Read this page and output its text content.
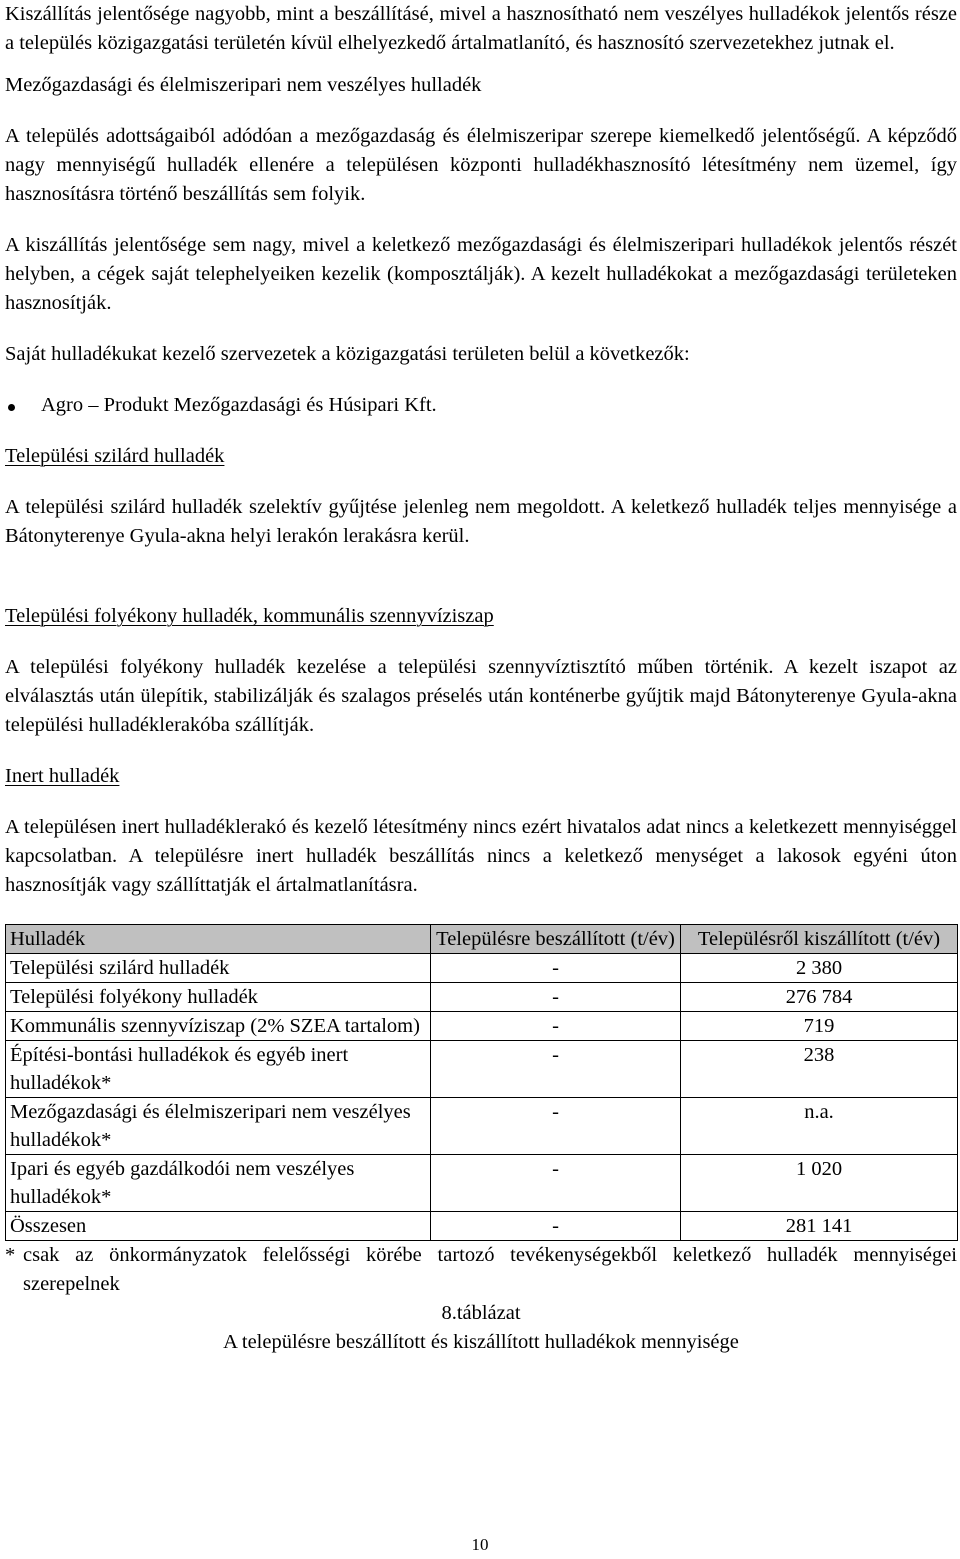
Kiszállítás jelentősége nagyobb, mint a beszállításé, mivel a hasznosítható nem veszélyes hulladékok jelentős része a település közigazgatási területén kívül elhelyezkedő ártalmatlanító, és hasznosító szervezetekhez jutnak el.

Mezőgazdasági és élelmiszeripari nem veszélyes hulladék

A település adottságaiból adódóan a mezőgazdaság és élelmiszeripar szerepe kiemelkedő jelentőségű. A képződő nagy mennyiségű hulladék ellenére a településen központi hulladékhasznosító létesítmény nem üzemel, így hasznosításra történő beszállítás sem folyik.

A kiszállítás jelentősége sem nagy, mivel a keletkező mezőgazdasági és élelmiszeripari hulladékok jelentős részét helyben, a cégek saját telephelyeiken kezelik (komposztálják). A kezelt hulladékokat a mezőgazdasági területeken hasznosítják.

Saját hulladékukat kezelő szervezetek a közigazgatási területen belül a következők:

Agro – Produkt Mezőgazdasági és Húsipari Kft.
Települési szilárd hulladék

A települési szilárd hulladék szelektív gyűjtése jelenleg nem megoldott. A keletkező hulladék teljes mennyisége a Bátonyterenye Gyula-akna helyi lerakón lerakásra kerül.

Települési folyékony hulladék, kommunális szennyvíziszap

A települési folyékony hulladék kezelése a települési szennyvíztisztító műben történik. A kezelt iszapot az elválasztás után ülepítik, stabilizálják és szalagos préselés után konténerbe gyűjtik majd Bátonyterenye Gyula-akna települési hulladéklerakóba szállítják.

Inert hulladék

A településen inert hulladéklerakó és kezelő létesítmény nincs ezért hivatalos adat nincs a keletkezett mennyiséggel kapcsolatban. A településre inert hulladék beszállítás nincs a keletkező menységet a lakosok egyéni úton hasznosítják vagy szállíttatják el ártalmatlanításra.

Hulladék	Településre beszállított (t/év)	Településről kiszállított (t/év)
Települési szilárd hulladék	-	2 380
Települési folyékony hulladék	-	276 784
Kommunális szennyvíziszap (2% SZEA tartalom)	-	719
Építési-bontási hulladékok és egyéb inert hulladékok*	-	238
Mezőgazdasági és élelmiszeripari nem veszélyes hulladékok*	-	n.a.
Ipari és egyéb gazdálkodói nem veszélyes hulladékok*	-	1 020
Összesen	-	281 141
* csak az önkormányzatok felelősségi körébe tartozó tevékenységekből keletkező hulladék mennyiségei szerepelnek
8.táblázat
A településre beszállított és kiszállított hulladékok mennyisége
10
